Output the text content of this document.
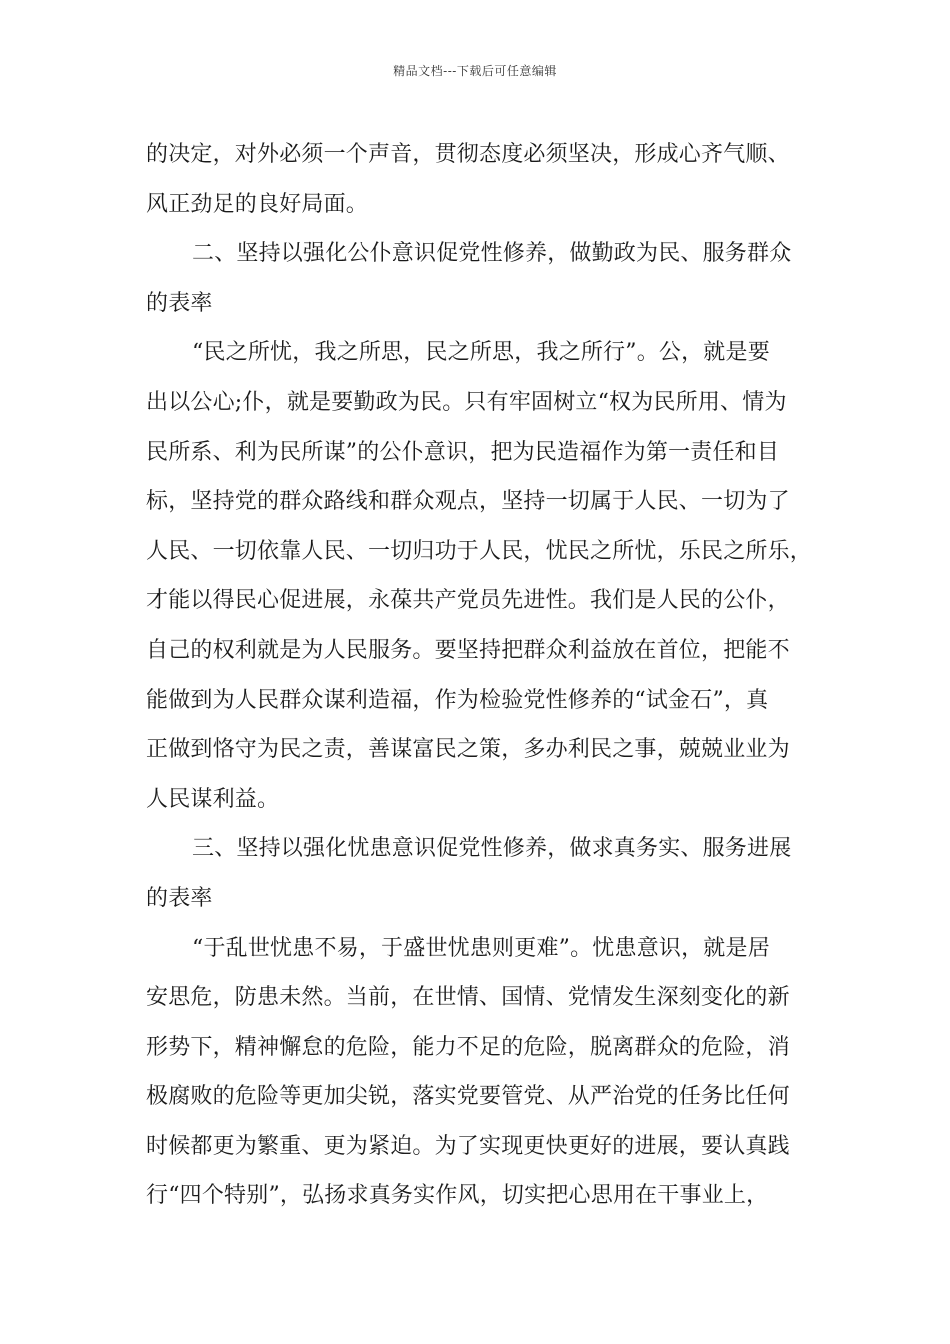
精品文档---下载后可任意编辑
的决定，对外必须一个声音，贯彻态度必须坚决，形成心齐气顺、
风正劲足的良好局面。
二、坚持以强化公仆意识促党性修养，做勤政为民、服务群众
的表率
“民之所忧，我之所思，民之所思，我之所行”。公，就是要
出以公心;仆，就是要勤政为民。只有牢固树立“权为民所用、情为
民所系、利为民所谋”的公仆意识，把为民造福作为第一责任和目
标，坚持党的群众路线和群众观点，坚持一切属于人民、一切为了
人民、一切依靠人民、一切归功于人民，忧民之所忧，乐民之所乐，
才能以得民心促进展，永葆共产党员先进性。我们是人民的公仆，
自己的权利就是为人民服务。要坚持把群众利益放在首位，把能不
能做到为人民群众谋利造福，作为检验党性修养的“试金石”，真
正做到恪守为民之责，善谋富民之策，多办利民之事，兢兢业业为
人民谋利益。
三、坚持以强化忧患意识促党性修养，做求真务实、服务进展
的表率
“于乱世忧患不易，于盛世忧患则更难”。忧患意识，就是居
安思危，防患未然。当前，在世情、国情、党情发生深刻变化的新
形势下，精神懈怠的危险，能力不足的危险，脱离群众的危险，消
极腐败的危险等更加尖锐，落实党要管党、从严治党的任务比任何
时候都更为繁重、更为紧迫。为了实现更快更好的进展，要认真践
行“四个特别”，弘扬求真务实作风，切实把心思用在干事业上，
